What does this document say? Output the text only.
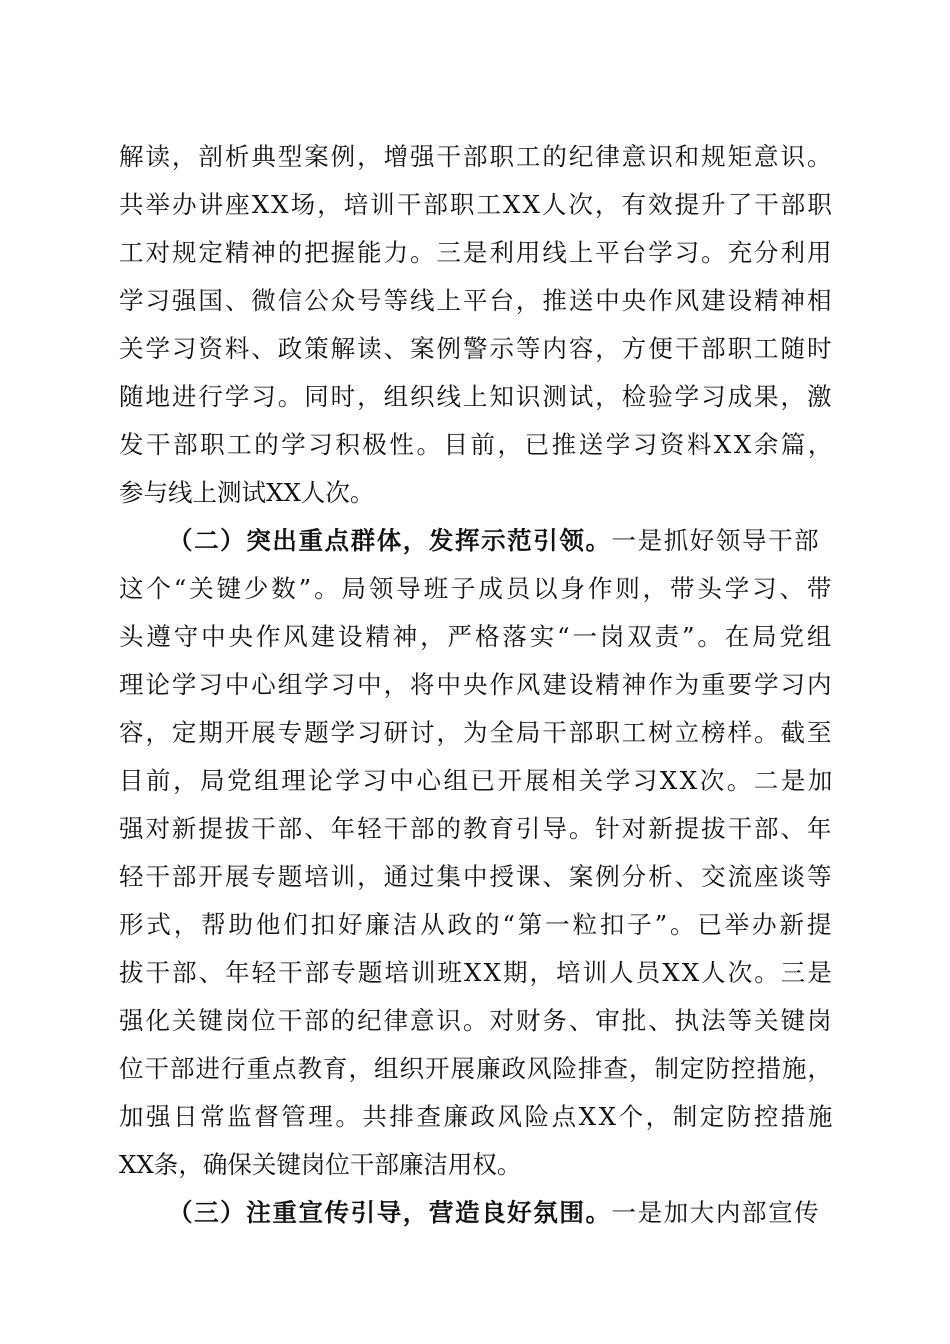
解读，剖析典型案例，增强干部职工的纪律意识和规矩意识。
共举办讲座XX场，培训干部职工XX人次，有效提升了干部职
工对规定精神的把握能力。三是利用线上平台学习。充分利用
学习强国、微信公众号等线上平台，推送中央作风建设精神相
关学习资料、政策解读、案例警示等内容，方便干部职工随时
随地进行学习。同时，组织线上知识测试，检验学习成果，激
发干部职工的学习积极性。目前，已推送学习资料XX余篇，
参与线上测试XX人次。
（二）突出重点群体，发挥示范引领。一是抓好领导干部
这个“关键少数”。局领导班子成员以身作则，带头学习、带
头遵守中央作风建设精神，严格落实“一岗双责”。在局党组
理论学习中心组学习中，将中央作风建设精神作为重要学习内
容，定期开展专题学习研讨，为全局干部职工树立榜样。截至
目前，局党组理论学习中心组已开展相关学习XX次。二是加
强对新提拔干部、年轻干部的教育引导。针对新提拔干部、年
轻干部开展专题培训，通过集中授课、案例分析、交流座谈等
形式，帮助他们扣好廉洁从政的“第一粒扣子”。已举办新提
拔干部、年轻干部专题培训班XX期，培训人员XX人次。三是
强化关键岗位干部的纪律意识。对财务、审批、执法等关键岗
位干部进行重点教育，组织开展廉政风险排查，制定防控措施，
加强日常监督管理。共排查廉政风险点XX个，制定防控措施
XX条，确保关键岗位干部廉洁用权。
（三）注重宣传引导，营造良好氛围。一是加大内部宣传
